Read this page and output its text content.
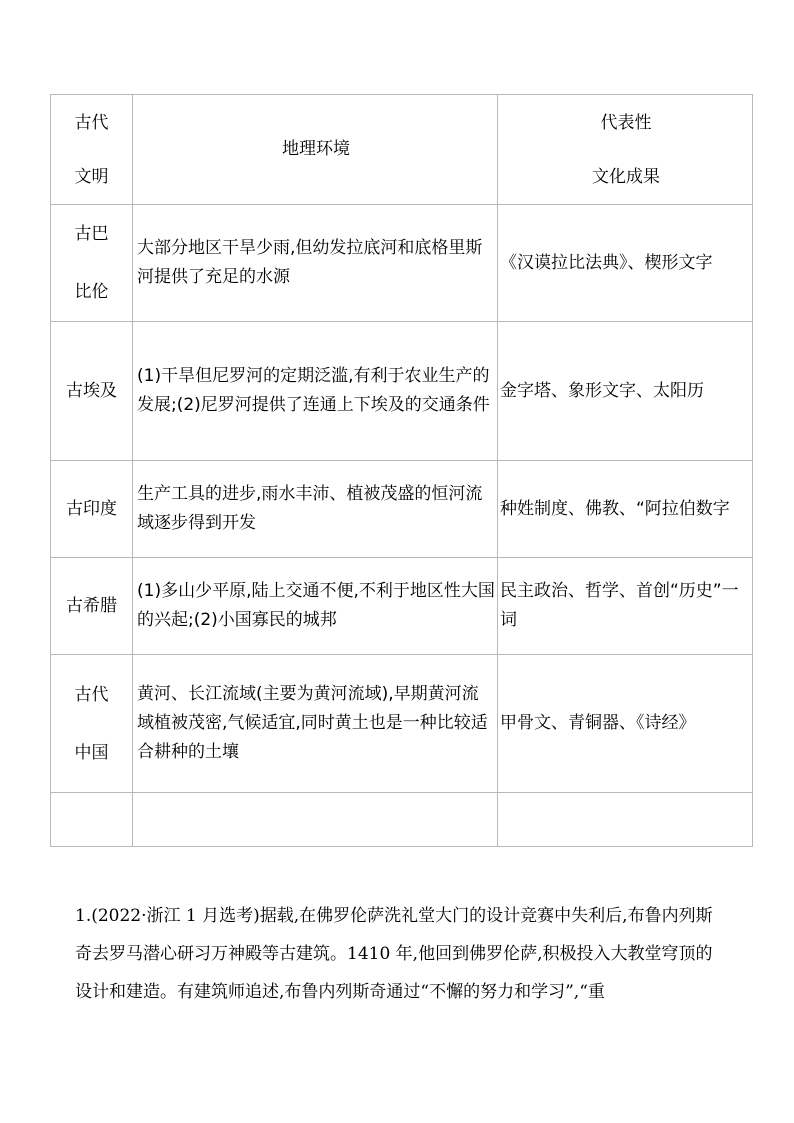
古代
文明	地理环境	代表性
文化成果

古巴
比伦	大部分地区干旱少雨,但幼发拉底河和底格里斯河提供了充足的水源	《汉谟拉比法典》、楔形文字

古埃及	(1)干旱但尼罗河的定期泛滥,有利于农业生产的发展;(2)尼罗河提供了连通上下埃及的交通条件	金字塔、象形文字、太阳历

古印度	生产工具的进步,雨水丰沛、植被茂盛的恒河流域逐步得到开发	种姓制度、佛教、“阿拉伯数字

古希腊	(1)多山少平原,陆上交通不便,不利于地区性大国的兴起;(2)小国寡民的城邦	民主政治、哲学、首创“历史”一词

古代
中国	黄河、长江流域(主要为黄河流域),早期黄河流域植被茂密,气候适宜,同时黄土也是一种比较适合耕种的土壤	甲骨文、青铜器、《诗经》

1.(2022·浙江 1 月选考)据载,在佛罗伦萨洗礼堂大门的设计竞赛中失利后,布鲁内列斯奇去罗马潜心研习万神殿等古建筑。1410 年,他回到佛罗伦萨,积极投入大教堂穹顶的设计和建造。有建筑师追述,布鲁内列斯奇通过“不懈的努力和学习”,“重
